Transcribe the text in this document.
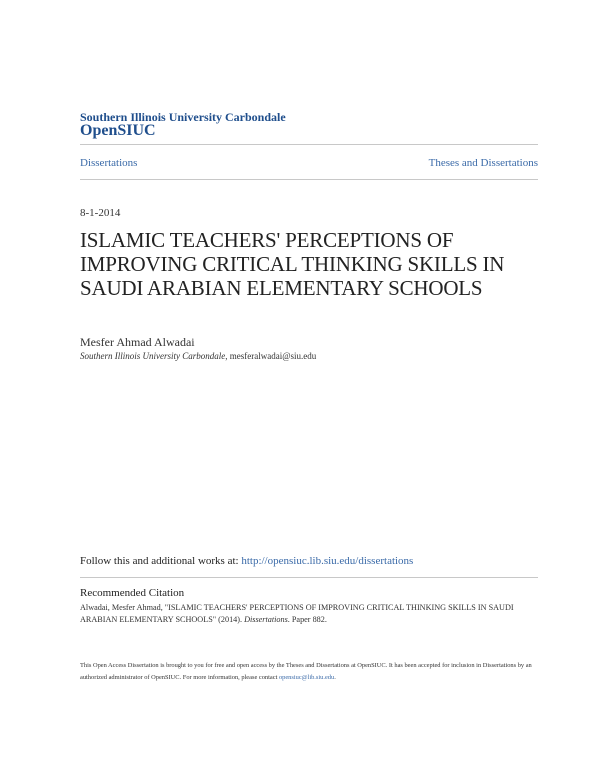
Southern Illinois University Carbondale
OpenSIUC
Dissertations	Theses and Dissertations
8-1-2014
ISLAMIC TEACHERS' PERCEPTIONS OF IMPROVING CRITICAL THINKING SKILLS IN SAUDI ARABIAN ELEMENTARY SCHOOLS
Mesfer Ahmad Alwadai
Southern Illinois University Carbondale, mesferalwadai@siu.edu
Follow this and additional works at: http://opensiuc.lib.siu.edu/dissertations
Recommended Citation
Alwadai, Mesfer Ahmad, "ISLAMIC TEACHERS' PERCEPTIONS OF IMPROVING CRITICAL THINKING SKILLS IN SAUDI ARABIAN ELEMENTARY SCHOOLS" (2014). Dissertations. Paper 882.
This Open Access Dissertation is brought to you for free and open access by the Theses and Dissertations at OpenSIUC. It has been accepted for inclusion in Dissertations by an authorized administrator of OpenSIUC. For more information, please contact opensiuc@lib.siu.edu.
